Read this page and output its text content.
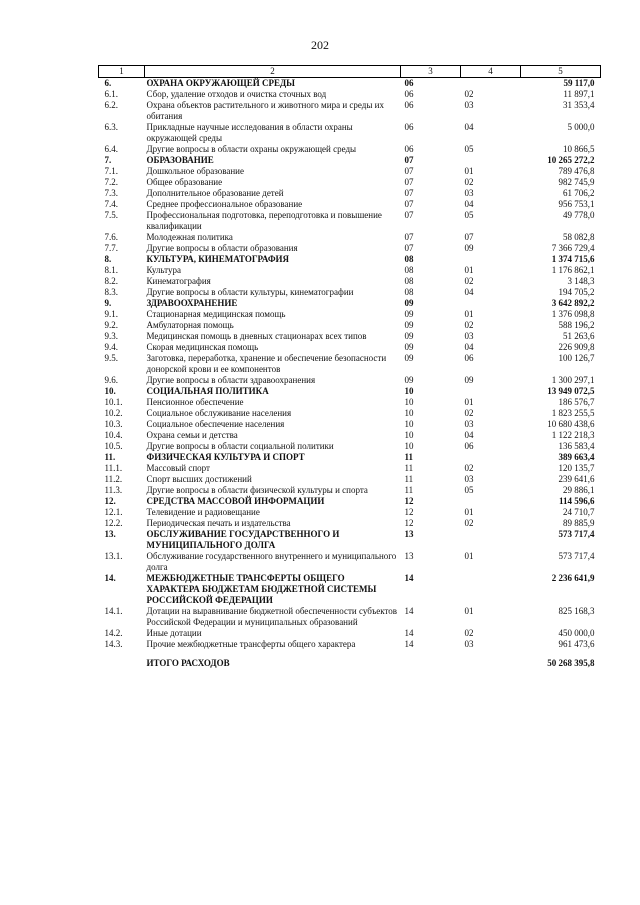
202
1	2	3	4	5
6.	ОХРАНА ОКРУЖАЮЩЕЙ СРЕДЫ	06		59 117,0
6.1.	Сбор, удаление отходов и очистка сточных вод	06	02	11 897,1
6.2.	Охрана объектов растительного и животного мира и среды их обитания	06	03	31 353,4
6.3.	Прикладные научные исследования в области охраны окружающей среды	06	04	5 000,0
6.4.	Другие вопросы в области охраны окружающей среды	06	05	10 866,5
7.	ОБРАЗОВАНИЕ	07		10 265 272,2
7.1.	Дошкольное образование	07	01	789 476,8
7.2.	Общее образование	07	02	982 745,9
7.3.	Дополнительное образование детей	07	03	61 706,2
7.4.	Среднее профессиональное образование	07	04	956 753,1
7.5.	Профессиональная подготовка, переподготовка и повышение квалификации	07	05	49 778,0
7.6.	Молодежная политика	07	07	58 082,8
7.7.	Другие вопросы в области образования	07	09	7 366 729,4
8.	КУЛЬТУРА, КИНЕМАТОГРАФИЯ	08		1 374 715,6
8.1.	Культура	08	01	1 176 862,1
8.2.	Кинематография	08	02	3 148,3
8.3.	Другие вопросы в области культуры, кинематографии	08	04	194 705,2
9.	ЗДРАВООХРАНЕНИЕ	09		3 642 892,2
9.1.	Стационарная медицинская помощь	09	01	1 376 098,8
9.2.	Амбулаторная помощь	09	02	588 196,2
9.3.	Медицинская помощь в дневных стационарах всех типов	09	03	51 263,6
9.4.	Скорая медицинская помощь	09	04	226 909,8
9.5.	Заготовка, переработка, хранение и обеспечение безопасности донорской крови и ее компонентов	09	06	100 126,7
9.6.	Другие вопросы в области здравоохранения	09	09	1 300 297,1
10.	СОЦИАЛЬНАЯ ПОЛИТИКА	10		13 949 072,5
10.1.	Пенсионное обеспечение	10	01	186 576,7
10.2.	Социальное обслуживание населения	10	02	1 823 255,5
10.3.	Социальное обеспечение населения	10	03	10 680 438,6
10.4.	Охрана семьи и детства	10	04	1 122 218,3
10.5.	Другие вопросы в области социальной политики	10	06	136 583,4
11.	ФИЗИЧЕСКАЯ КУЛЬТУРА И СПОРТ	11		389 663,4
11.1.	Массовый спорт	11	02	120 135,7
11.2.	Спорт высших достижений	11	03	239 641,6
11.3.	Другие вопросы в области физической культуры и спорта	11	05	29 886,1
12.	СРЕДСТВА МАССОВОЙ ИНФОРМАЦИИ	12		114 596,6
12.1.	Телевидение и радиовещание	12	01	24 710,7
12.2.	Периодическая печать и издательства	12	02	89 885,9
13.	ОБСЛУЖИВАНИЕ ГОСУДАРСТВЕННОГО И МУНИЦИПАЛЬНОГО ДОЛГА	13		573 717,4
13.1.	Обслуживание государственного внутреннего и муниципального долга	13	01	573 717,4
14.	МЕЖБЮДЖЕТНЫЕ ТРАНСФЕРТЫ ОБЩЕГО ХАРАКТЕРА БЮДЖЕТАМ БЮДЖЕТНОЙ СИСТЕМЫ РОССИЙСКОЙ ФЕДЕРАЦИИ	14		2 236 641,9
14.1.	Дотации на выравнивание бюджетной обеспеченности субъектов Российской Федерации и муниципальных образований	14	01	825 168,3
14.2.	Иные дотации	14	02	450 000,0
14.3.	Прочие межбюджетные трансферты общего характера	14	03	961 473,6

	ИТОГО РАСХОДОВ			50 268 395,8
